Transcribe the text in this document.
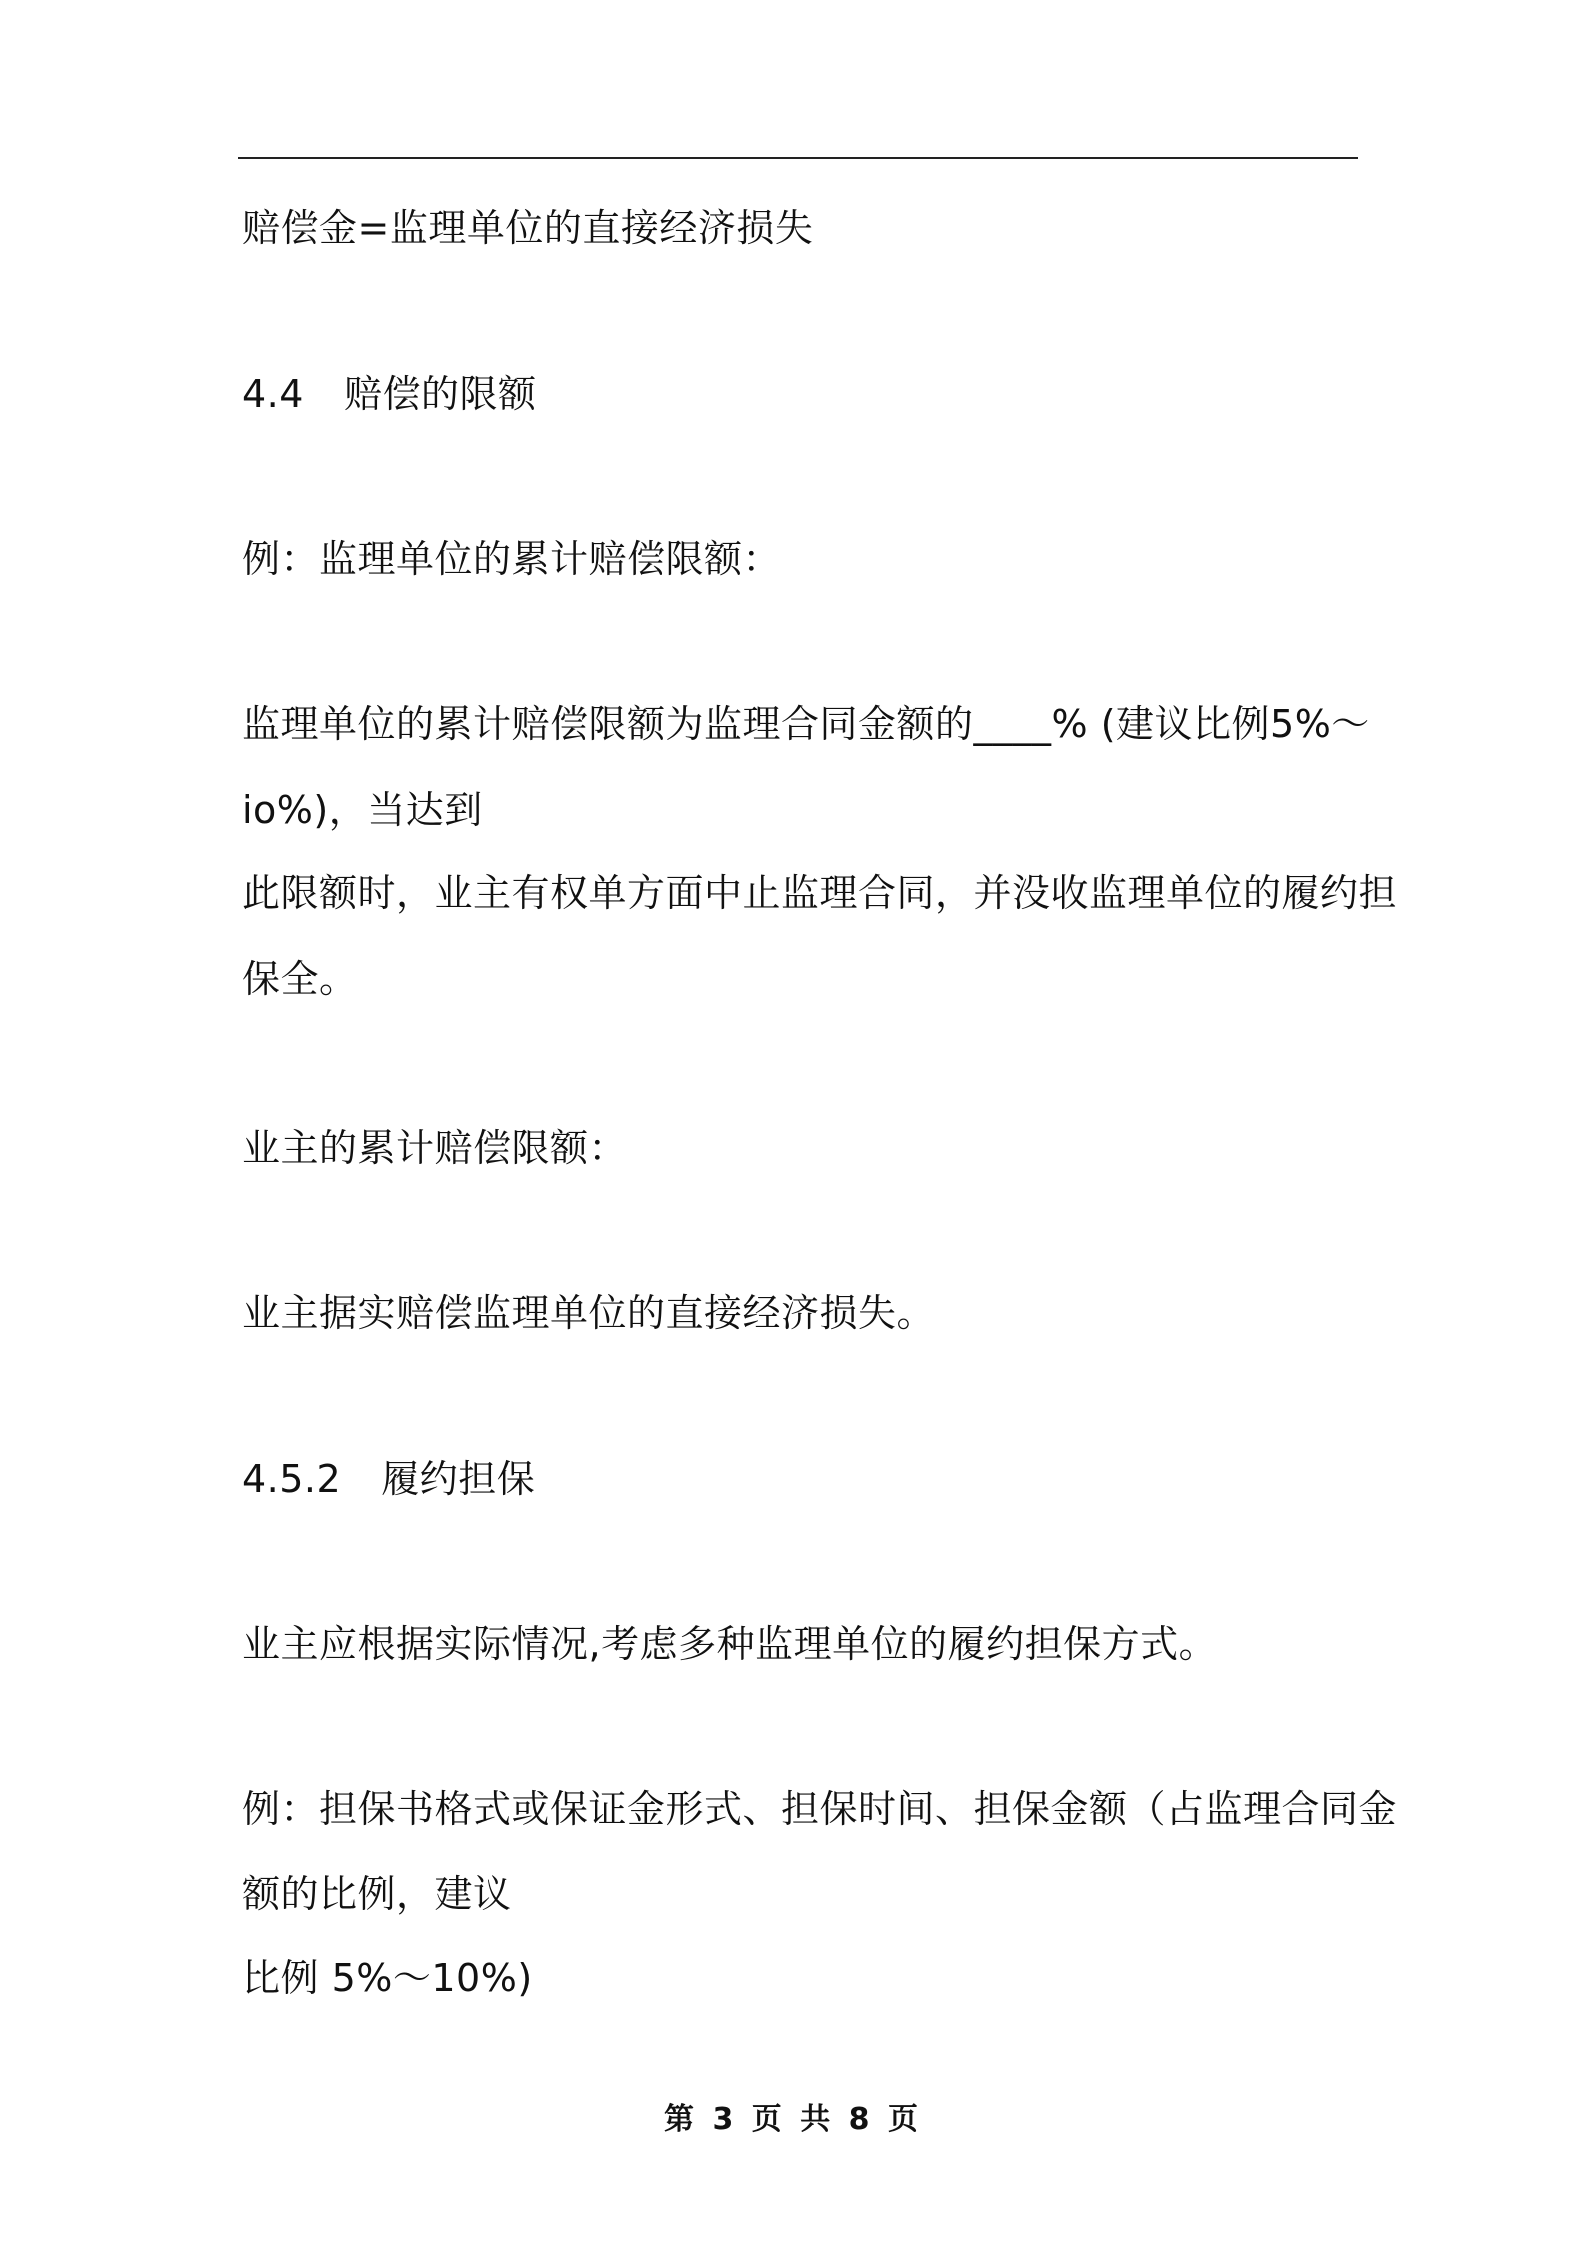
赔偿金=监理单位的直接经济损失
4.4 赔偿的限额
例：监理单位的累计赔偿限额：
监理单位的累计赔偿限额为监理合同金额的____% (建议比例5%～
io%)，当达到
此限额时，业主有权单方面中止监理合同，并没收监理单位的履约担
保全。
业主的累计赔偿限额：
业主据实赔偿监理单位的直接经济损失。
4.5.2 履约担保
业主应根据实际情况,考虑多种监理单位的履约担保方式。
例：担保书格式或保证金形式、担保时间、担保金额（占监理合同金
额的比例，建议
比例 5%～10%)
第 3 页 共 8 页
